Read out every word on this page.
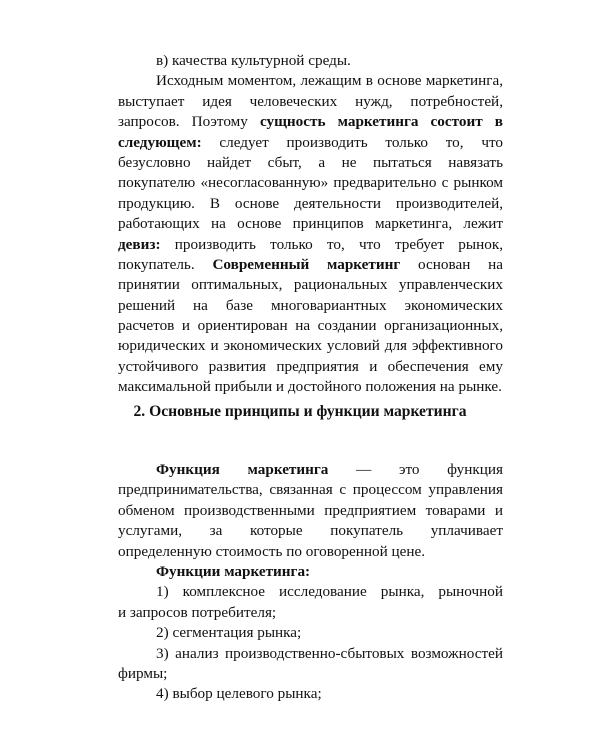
в) качества культурной среды.
Исходным моментом, лежащим в основе маркетинга,
выступает идея человеческих нужд, потребностей,
запросов. Поэтому сущность маркетинга состоит в
следующем: следует производить только то, что
безусловно найдет сбыт, а не пытаться навязать
покупателю «несогласованную» предварительно с рынком
продукцию. В основе деятельности производителей,
работающих на основе принципов маркетинга, лежит
девиз: производить только то, что требует рынок,
покупатель. Современный маркетинг основан на
принятии оптимальных, рациональных управленческих
решений на базе многовариантных экономических
расчетов и ориентирован на создании организационных,
юридических и экономических условий для эффективного
устойчивого развития предприятия и обеспечения ему
максимальной прибыли и достойного положения на рынке.
2. Основные принципы и функции маркетинга
Функция маркетинга — это функция
предпринимательства, связанная с процессом управления
обменом производственными предприятием товарами и
услугами, за которые покупатель уплачивает
определенную стоимость по оговоренной цене.
Функции маркетинга:
1) комплексное исследование рынка, рыночной
и запросов потребителя;
2) сегментация рынка;
3) анализ производственно-сбытовых возможностей
фирмы;
4) выбор целевого рынка;
